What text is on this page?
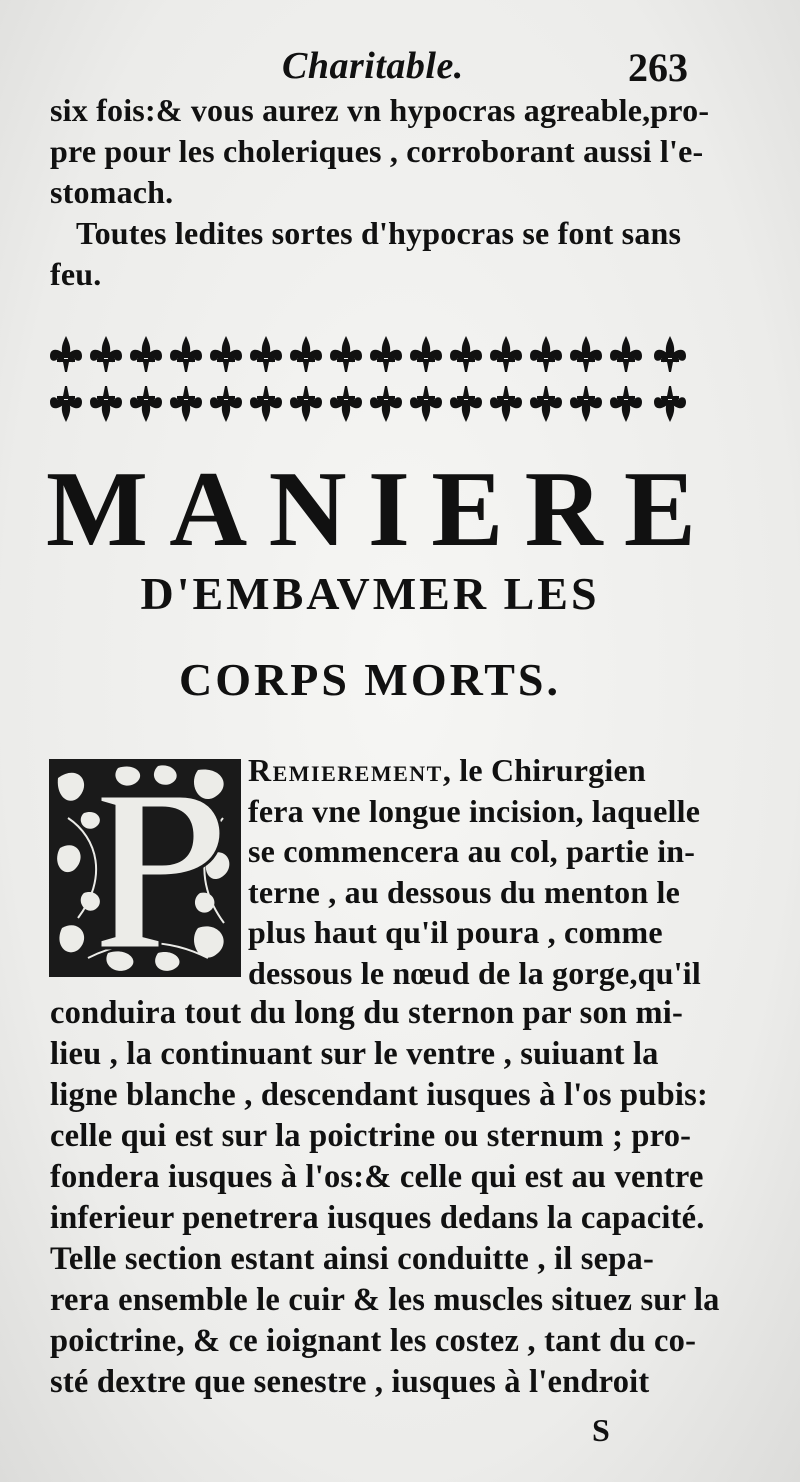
Charitable.	263
six fois:& vous aurez vn hypocras agreable,pro-
pre pour les choleriques , corroborant aussi l'e-
stomach.
Toutes ledites sortes d'hypocras se font sans
feu.
M A N I E R E
D'EMBAVMER LES
CORPS MORTS.
P	Remierement, le Chirurgien
fera vne longue incision, laquelle
se commencera au col, partie in-
terne , au dessous du menton le
plus haut qu'il poura , comme
dessous le nœud de la gorge,qu'il
conduira tout du long du sternon par son mi-
lieu , la continuant sur le ventre , suiuant la
ligne blanche , descendant iusques à l'os pubis:
celle qui est sur la poictrine ou sternum ; pro-
fondera iusques à l'os:& celle qui est au ventre
inferieur penetrera iusques dedans la capacité.
Telle section estant ainsi conduitte , il sepa-
rera ensemble le cuir & les muscles situez sur la
poictrine, & ce ioignant les costez , tant du co-
sté dextre que senestre , iusques à l'endroit
S
